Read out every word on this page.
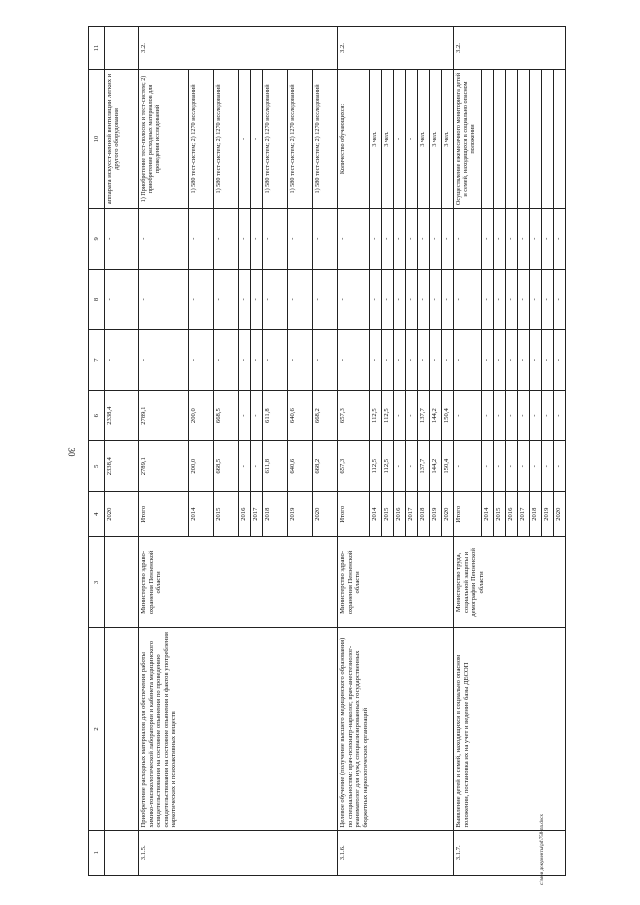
30
c:\мои документы\pd\758-nn.docx
1	2	3	4	5	6	7	8	9	10	11
			2020	2338,4	2338,4	-	-	-	аппарата искусст-венной вентиляции легких и другого оборудования	
3.1.5.	Приобретение расходных материалов для обеспечения работы химико-токсикологической лаборатории и кабинета медицинского освидетельствования на состояние опьянения по проведению освидетельствования на состояние опьянения и фактов употребления наркотических и психоактивных веществ	Министерство здраво-охранения Пензенской области	Итого	2789,1	2789,1	-	-	-	1) Приобретение тест-полосок и тест-систем; 2) приобретение расходных материалов для проведения исследований	3.2.
			2014	200,0	200,0	-	-	-	1) 580 тест-систем; 2) 1270 исследований	
			2015	668,5	668,5	-	-	-	1) 580 тест-систем; 2) 1270 исследований	
			2016	-	-	-	-	-	-	
			2017	-	-	-	-	-	-	
			2018	611,8	611,8	-	-	-	1) 580 тест-систем; 2) 1270 исследований	
			2019	640,6	640,6	-	-	-	1) 580 тест-систем; 2) 1270 исследований	
			2020	668,2	668,2	-	-	-	1) 580 тест-систем; 2) 1270 исследований	
3.1.6.	Целевое обучение (получение высшего медицинского образования) по специальностям: врач-психиатр-нарколог, врач-анестезиолог-реаниматолог для нужд специализированных государственных бюджетных наркологических организаций	Министерство здраво-охранения Пензенской области	Итого	657,3	657,3	-	-	-	Количество обучающихся:	3.2.
			2014	112,5	112,5	-	-	-	3 чел.	
			2015	112,5	112,5	-	-	-	3 чел.	
			2016	-	-	-	-	-	-	
			2017	-	-	-	-	-	-	
			2018	137,7	137,7	-	-	-	3 чел.	
			2019	144,2	144,2	-	-	-	3 чел.	
			2020	150,4	150,4	-	-	-	3 чел.	
3.1.7.	Выявление детей и семей, находящихся в социально опасном положении, постановка их на учет и ведение базы ДЕСОП	Министерство труда, социальной защиты и демографии Пензенской области	Итого	-	-	-	-	-	Осуществление ежемесячного мониторинга детей и семей, находящихся в социально опасном положении	3.2.
			2014	-	-	-	-	-		
			2015	-	-	-	-	-		
			2016	-	-	-	-	-		
			2017	-	-	-	-	-		
			2018	-	-	-	-	-		
			2019	-	-	-	-	-		
			2020	-	-	-	-	-		
